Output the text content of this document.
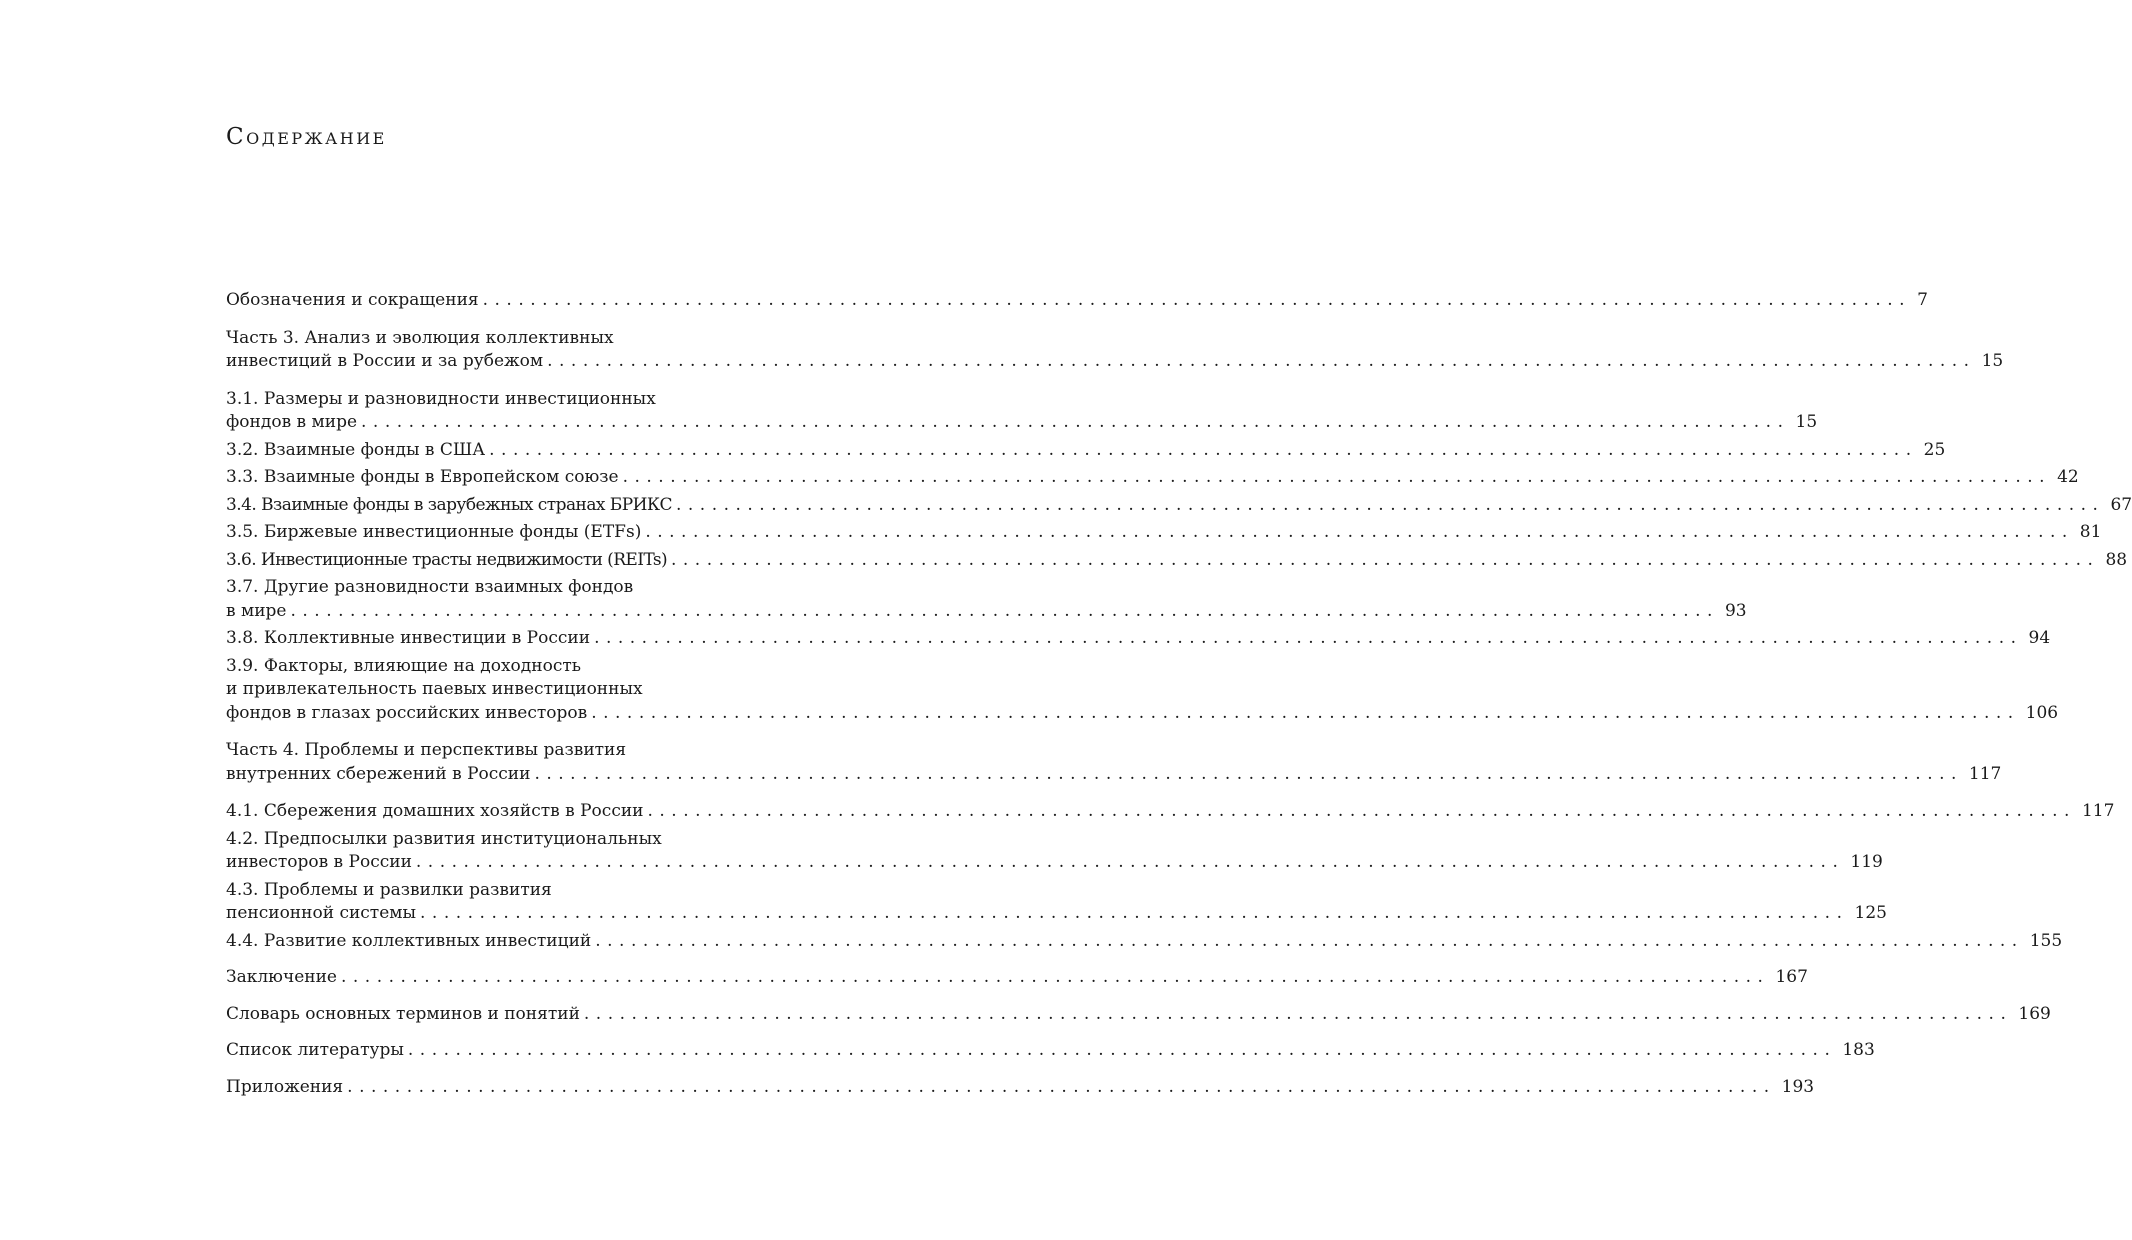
Содержание
Обозначения и сокращения ........................................................................................................................ 7
Часть 3. Анализ и эволюция коллективных
инвестиций в России и за рубежом ........................................................................................................................ 15
3.1. Размеры и разновидности инвестиционных
фондов в мире ........................................................................................................................ 15
3.2. Взаимные фонды в США ........................................................................................................................ 25
3.3. Взаимные фонды в Европейском союзе ........................................................................................................................ 42
3.4. Взаимные фонды в зарубежных странах БРИКС ........................................................................................................................ 67
3.5. Биржевые инвестиционные фонды (ETFs) ........................................................................................................................ 81
3.6. Инвестиционные трасты недвижимости (REITs) ........................................................................................................................ 88
3.7. Другие разновидности взаимных фондов
в мире ........................................................................................................................ 93
3.8. Коллективные инвестиции в России ........................................................................................................................ 94
3.9. Факторы, влияющие на доходность
и привлекательность паевых инвестиционных
фондов в глазах российских инвесторов ........................................................................................................................ 106
Часть 4. Проблемы и перспективы развития
внутренних сбережений в России ........................................................................................................................ 117
4.1. Сбережения домашних хозяйств в России ........................................................................................................................ 117
4.2. Предпосылки развития институциональных
инвесторов в России ........................................................................................................................ 119
4.3. Проблемы и развилки развития
пенсионной системы ........................................................................................................................ 125
4.4. Развитие коллективных инвестиций ........................................................................................................................ 155
Заключение ........................................................................................................................ 167
Словарь основных терминов и понятий ........................................................................................................................ 169
Список литературы ........................................................................................................................ 183
Приложения ........................................................................................................................ 193
